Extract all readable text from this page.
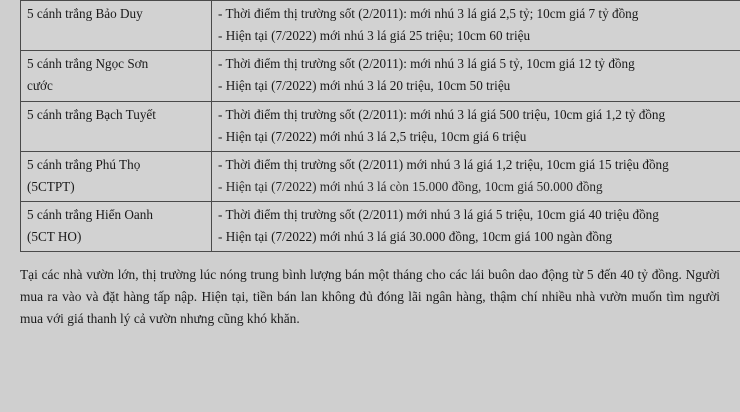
5 cánh trắng Bảo Duy	- Thời điểm thị trường sốt (2/2011): mới nhú 3 lá giá 2,5 tỷ; 10cm giá 7 tỷ đồng
- Hiện tại (7/2022) mới nhú 3 lá giá 25 triệu; 10cm 60 triệu

5 cánh trắng Ngọc Sơn
cước	- Thời điểm thị trường sốt (2/2011): mới nhú 3 lá giá 5 tỷ, 10cm giá 12 tỷ đồng
- Hiện tại (7/2022) mới nhú 3 lá 20 triệu, 10cm 50 triệu

5 cánh trắng Bạch Tuyết	- Thời điểm thị trường sốt (2/2011): mới nhú 3 lá giá 500 triệu, 10cm giá 1,2 tỷ đồng
- Hiện tại (7/2022) mới nhú 3 lá 2,5 triệu, 10cm giá 6 triệu

5 cánh trắng Phú Thọ
(5CTPT)	- Thời điểm thị trường sốt (2/2011) mới nhú 3 lá giá 1,2 triệu, 10cm giá 15 triệu đồng
- Hiện tại (7/2022) mới nhú 3 lá còn 15.000 đồng, 10cm giá 50.000 đồng

5 cánh trắng Hiển Oanh
(5CT HO)	- Thời điểm thị trường sốt (2/2011) mới nhú 3 lá giá 5 triệu, 10cm giá 40 triệu đồng
- Hiện tại (7/2022) mới nhú 3 lá giá 30.000 đồng, 10cm giá 100 ngàn đồng

Tại các nhà vườn lớn, thị trường lúc nóng trung bình lượng bán một tháng cho các lái buôn dao động từ 5 đến 40 tỷ đồng. Người mua ra vào và đặt hàng tấp nập. Hiện tại, tiền bán lan không đủ đóng lãi ngân hàng, thậm chí nhiều nhà vườn muốn tìm người mua với giá thanh lý cả vườn nhưng cũng khó khăn.
